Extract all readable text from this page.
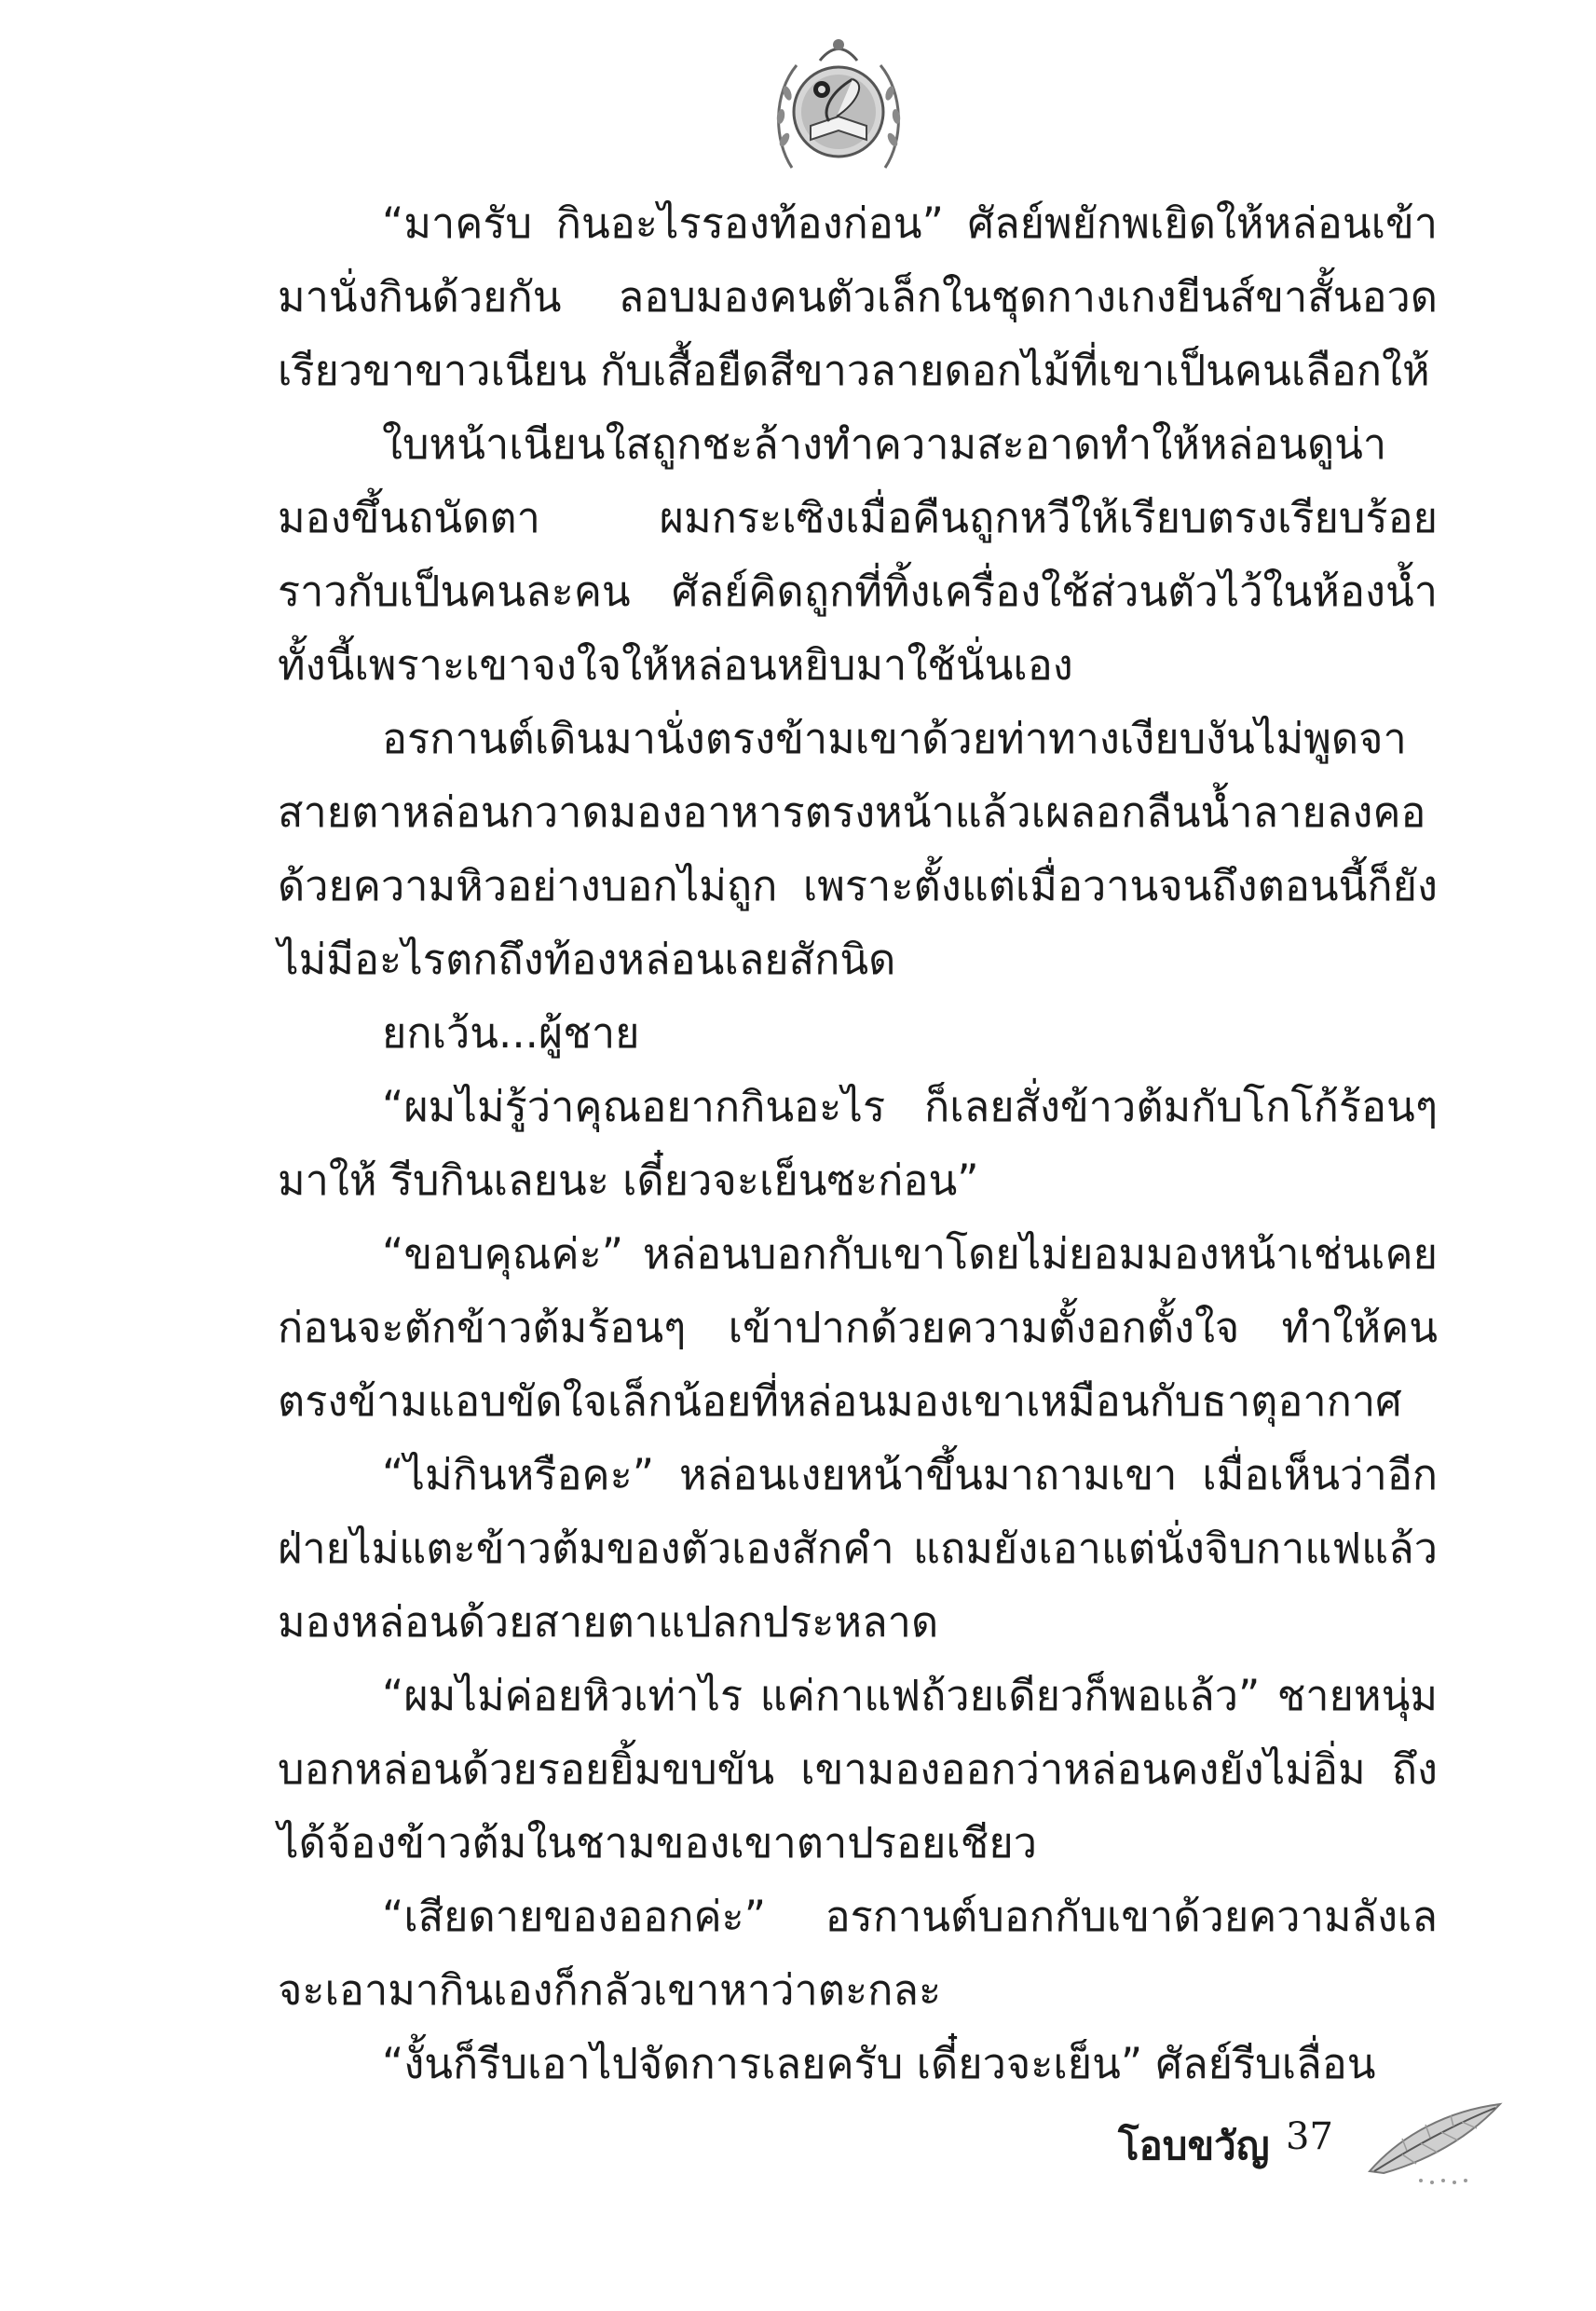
“มาครับ กินอะไรรองท้องก่อน” ศัลย์พยักพเยิดให้หล่อนเข้ามานั่งกินด้วยกัน ลอบมองคนตัวเล็กในชุดกางเกงยีนส์ขาสั้นอวดเรียวขาขาวเนียน กับเสื้อยืดสีขาวลายดอกไม้ที่เขาเป็นคนเลือกให้

ใบหน้าเนียนใสถูกชะล้างทำความสะอาดทำให้หล่อนดูน่ามองขึ้นถนัดตา ผมกระเซิงเมื่อคืนถูกหวีให้เรียบตรงเรียบร้อยราวกับเป็นคนละคน ศัลย์คิดถูกที่ทิ้งเครื่องใช้ส่วนตัวไว้ในห้องน้ำ ทั้งนี้เพราะเขาจงใจให้หล่อนหยิบมาใช้นั่นเอง

อรกานต์เดินมานั่งตรงข้ามเขาด้วยท่าทางเงียบงันไม่พูดจา สายตาหล่อนกวาดมองอาหารตรงหน้าแล้วเผลอกลืนน้ำลายลงคอด้วยความหิวอย่างบอกไม่ถูก เพราะตั้งแต่เมื่อวานจนถึงตอนนี้ก็ยังไม่มีอะไรตกถึงท้องหล่อนเลยสักนิด

ยกเว้น...ผู้ชาย

“ผมไม่รู้ว่าคุณอยากกินอะไร ก็เลยสั่งข้าวต้มกับโกโก้ร้อนๆ มาให้ รีบกินเลยนะ เดี๋ยวจะเย็นซะก่อน”

“ขอบคุณค่ะ” หล่อนบอกกับเขาโดยไม่ยอมมองหน้าเช่นเคยก่อนจะตักข้าวต้มร้อนๆ เข้าปากด้วยความตั้งอกตั้งใจ ทำให้คนตรงข้ามแอบขัดใจเล็กน้อยที่หล่อนมองเขาเหมือนกับธาตุอากาศ

“ไม่กินหรือคะ” หล่อนเงยหน้าขึ้นมาถามเขา เมื่อเห็นว่าอีกฝ่ายไม่แตะข้าวต้มของตัวเองสักคำ แถมยังเอาแต่นั่งจิบกาแฟแล้วมองหล่อนด้วยสายตาแปลกประหลาด

“ผมไม่ค่อยหิวเท่าไร แค่กาแฟถ้วยเดียวก็พอแล้ว” ชายหนุ่มบอกหล่อนด้วยรอยยิ้มขบขัน เขามองออกว่าหล่อนคงยังไม่อิ่ม ถึงได้จ้องข้าวต้มในชามของเขาตาปรอยเชียว

“เสียดายของออกค่ะ” อรกานต์บอกกับเขาด้วยความลังเล จะเอามากินเองก็กลัวเขาหาว่าตะกละ

“งั้นก็รีบเอาไปจัดการเลยครับ เดี๋ยวจะเย็น” ศัลย์รีบเลื่อน

โอบขวัญ 37
